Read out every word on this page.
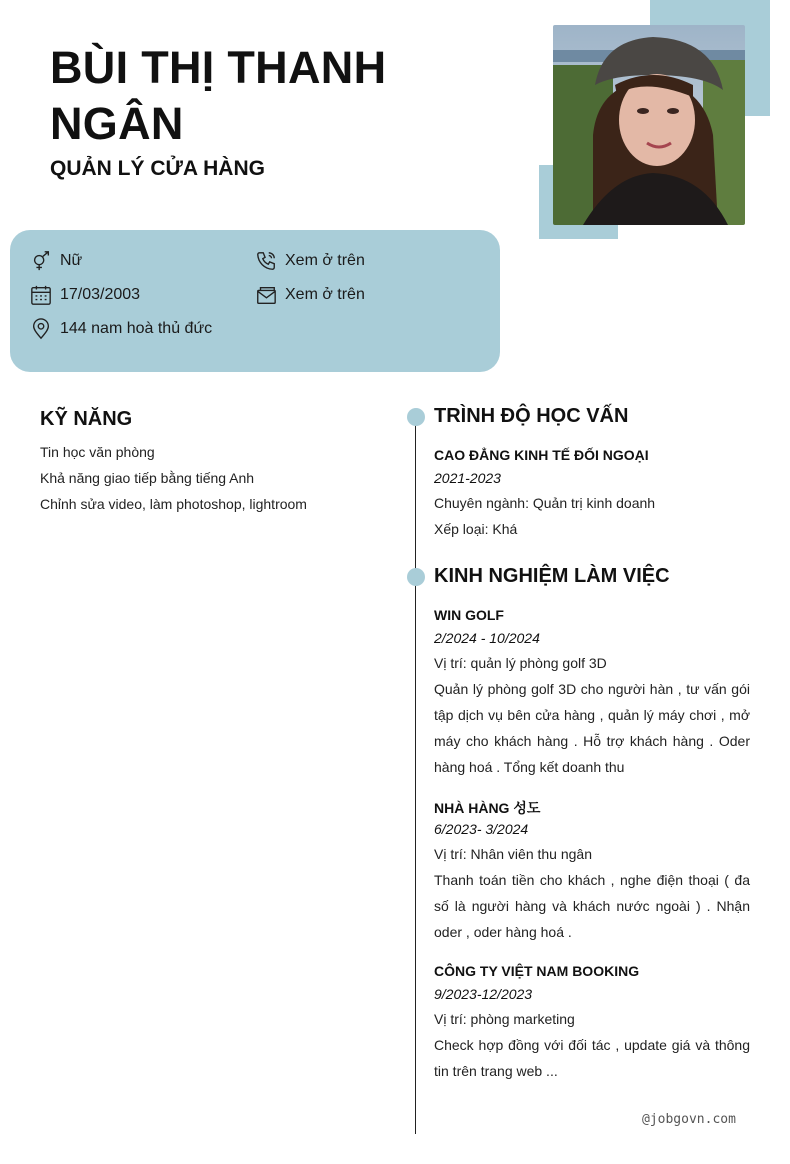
BÙI THỊ THANH NGÂN
QUẢN LÝ CỬA HÀNG
Nữ
17/03/2003
144 nam hoà thủ đức
Xem ở trên
Xem ở trên
KỸ NĂNG
Tin học văn phòng
Khả năng giao tiếp bằng tiếng Anh
Chỉnh sửa video, làm photoshop, lightroom
TRÌNH ĐỘ HỌC VẤN
CAO ĐẲNG KINH TẾ ĐỐI NGOẠI
2021-2023
Chuyên ngành: Quản trị kinh doanh
Xếp loại: Khá
KINH NGHIỆM LÀM VIỆC
WIN GOLF
2/2024 - 10/2024
Vị trí: quản lý phòng golf 3D

Quản lý phòng golf 3D cho người hàn , tư vấn gói tập dịch vụ bên cửa hàng , quản lý máy chơi , mở máy cho khách hàng . Hỗ trợ khách hàng . Oder hàng hoá . Tổng kết doanh thu

NHÀ HÀNG 성도
6/2023- 3/2024
Vị trí: Nhân viên thu ngân

Thanh toán tiền cho khách , nghe điện thoại ( đa số là người hàng và khách nước ngoài ) . Nhận oder , oder hàng hoá .

CÔNG TY VIỆT NAM BOOKING
9/2023-12/2023
Vị trí: phòng marketing

Check hợp đồng với đối tác , update giá và thông tin trên trang web ...

@jobgovn.com
